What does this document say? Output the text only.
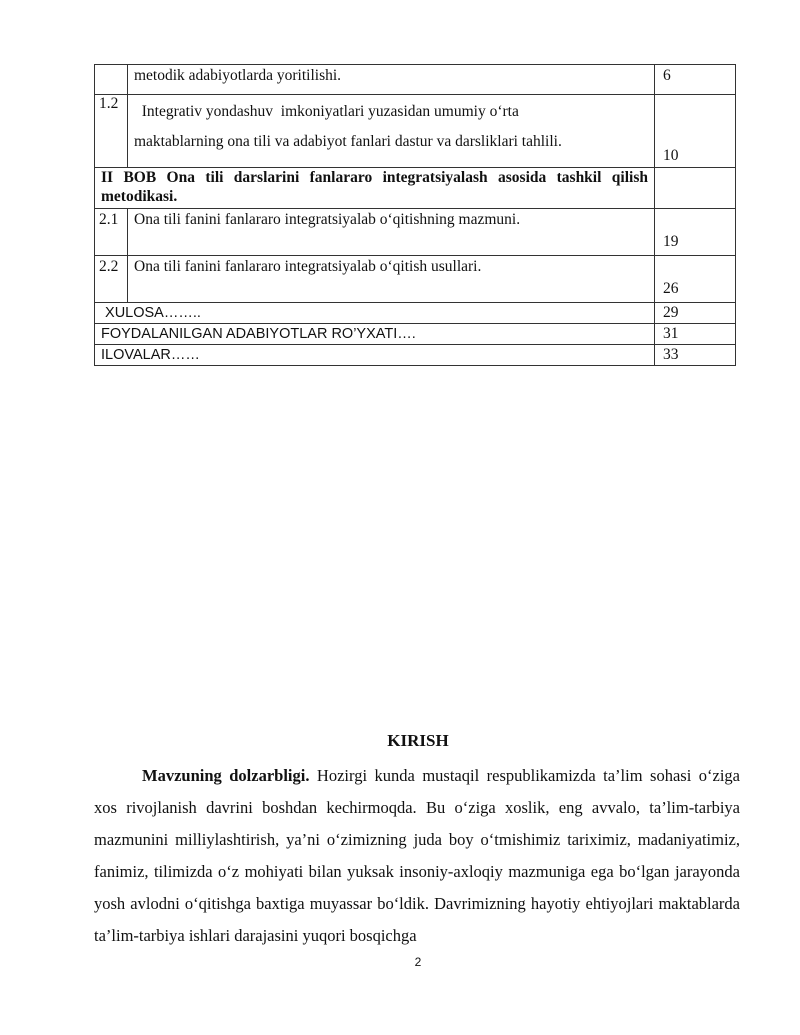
	metodik adabiyotlarda yoritilishi.	6
1.2	Integrativ yondashuv  imkoniyatlari yuzasidan umumiy o‘rta
maktablarning ona tili va adabiyot fanlari dastur va darsliklari tahlili.	10
II BOB Ona tili darslarini fanlararo integratsiyalash asosida tashkil qilish metodikasi.		
2.1	Ona tili fanini fanlararo integratsiyalab o‘qitishning mazmuni.	19
2.2	Ona tili fanini fanlararo integratsiyalab o‘qitish usullari.	26
XULOSA……..		29
FOYDALANILGAN ADABIYOTLAR RO’YXATI….		31
ILOVALAR……		33
KIRISH

Mavzuning dolzarbligi. Hozirgi kunda mustaqil respublikamizda ta’lim sohasi o‘ziga xos rivojlanish davrini boshdan kechirmoqda. Bu o‘ziga xoslik, eng avvalo, ta’lim-tarbiya mazmunini milliylashtirish, ya’ni o‘zimizning juda boy o‘tmishimiz tariximiz, madaniyatimiz, fanimiz, tilimizda o‘z mohiyati bilan yuksak insoniy-axloqiy mazmuniga ega bo‘lgan jarayonda yosh avlodni o‘qitishga baxtiga muyassar bo‘ldik. Davrimizning hayotiy ehtiyojlari maktablarda ta’lim-tarbiya ishlari darajasini yuqori bosqichga

2
